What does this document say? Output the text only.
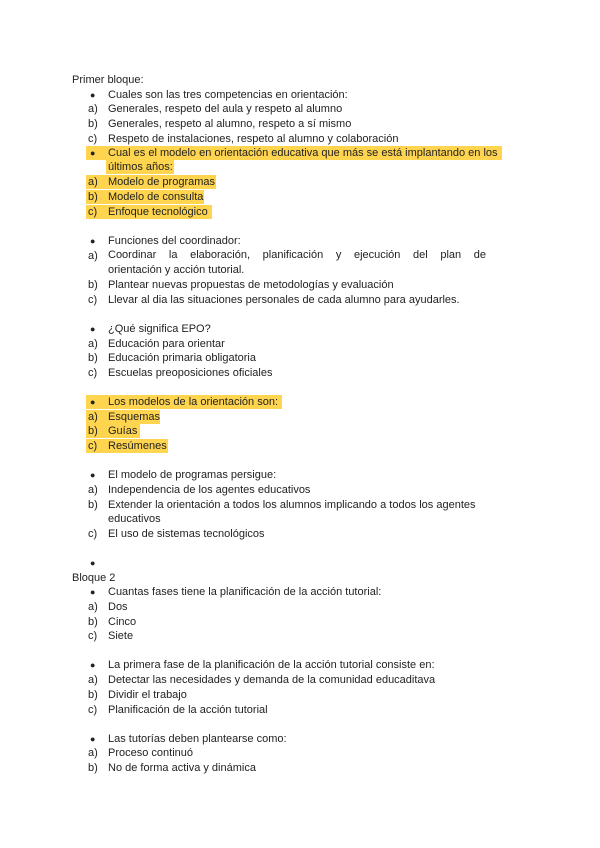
Primer bloque:
● Cuales son las tres competencias en orientación:
a) Generales, respeto del aula y respeto al alumno
b) Generales, respeto al alumno, respeto a sí mismo
c) Respeto de instalaciones, respeto al alumno y colaboración
● Cual es el modelo en orientación educativa que más se está implantando en los
últimos años:
a) Modelo de programas
b) Modelo de consulta
c) Enfoque tecnológico
● Funciones del coordinador:
a) Coordinar la elaboración, planificación y ejecución del plan de
orientación y acción tutorial.
b) Plantear nuevas propuestas de metodologías y evaluación
c) Llevar al dia las situaciones personales de cada alumno para ayudarles.
● ¿Qué significa EPO?
a) Educación para orientar
b) Educación primaria obligatoria
c) Escuelas preoposiciones oficiales
● Los modelos de la orientación son:
a) Esquemas
b) Guías
c) Resúmenes
● El modelo de programas persigue:
a) Independencia de los agentes educativos
b) Extender la orientación a todos los alumnos implicando a todos los agentes
educativos
c) El uso de sistemas tecnológicos
●
Bloque 2
● Cuantas fases tiene la planificación de la acción tutorial:
a) Dos
b) Cinco
c) Siete
● La primera fase de la planificación de la acción tutorial consiste en:
a) Detectar las necesidades y demanda de la comunidad educaditava
b) Dividir el trabajo
c) Planificación de la acción tutorial
● Las tutorías deben plantearse como:
a) Proceso continuó
b) No de forma activa y dinámica
